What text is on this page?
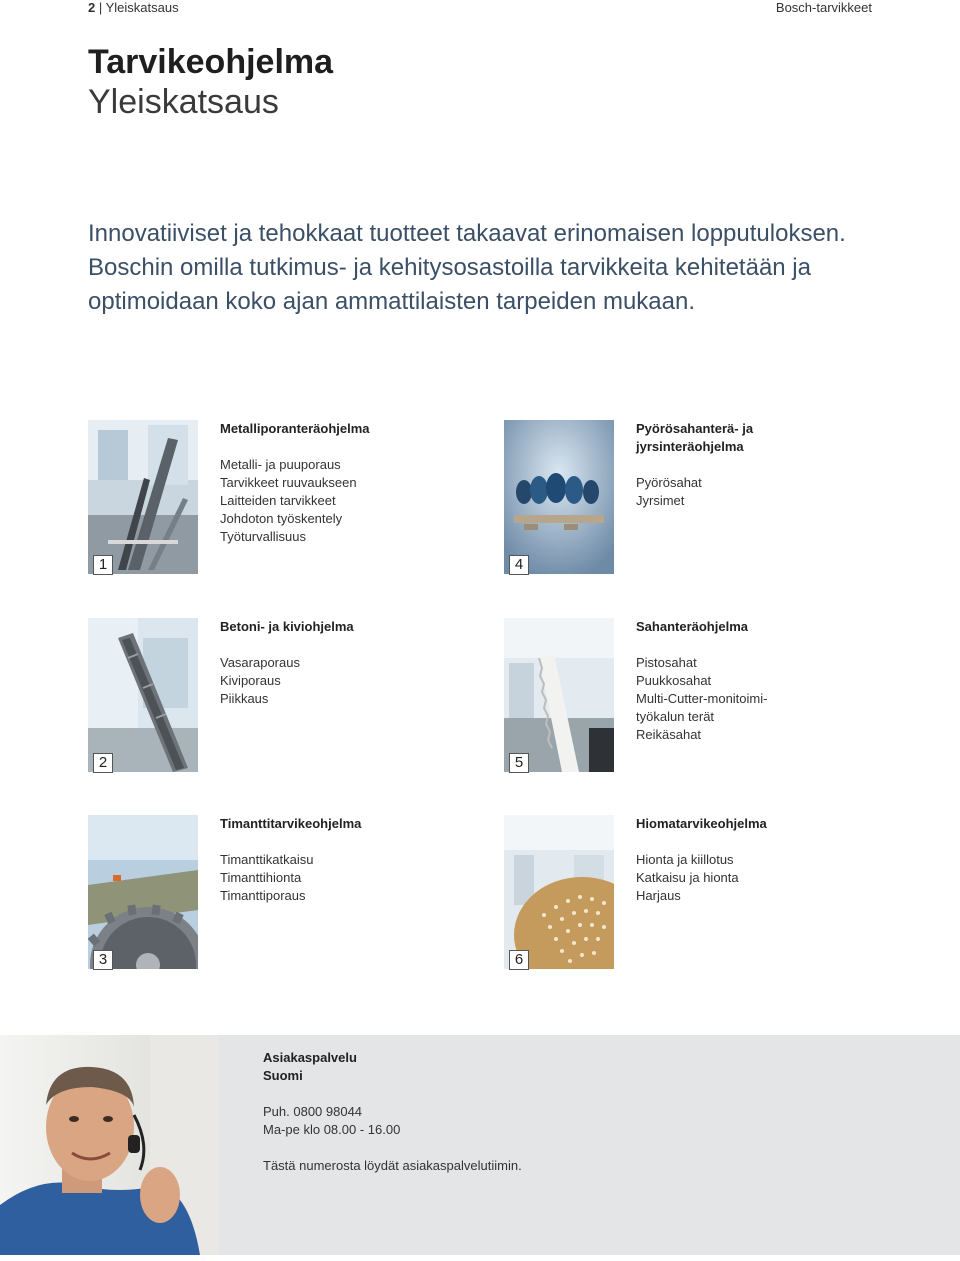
2 | Yleiskatsaus	Bosch-tarvikkeet
Tarvikeohjelma
Yleiskatsaus
Innovatiiviset ja tehokkaat tuotteet takaavat erinomaisen lopputuloksen.
Boschin omilla tutkimus- ja kehitysosastoilla tarvikkeita kehitetään ja
optimoidaan koko ajan ammattilaisten tarpeiden mukaan.
1
Metalliporanteräohjelma
Metalli- ja puuporaus
Tarvikkeet ruuvaukseen
Laitteiden tarvikkeet
Johdoton työskentely
Työturvallisuus
4
Pyörösahanterä- ja
jyrsinteräohjelma
Pyörösahat
Jyrsimet
2
Betoni- ja kiviohjelma
Vasaraporaus
Kiviporaus
Piikkaus
5
Sahanteräohjelma
Pistosahat
Puukkosahat
Multi-Cutter-monitoimi-
työkalun terät
Reikäsahat
3
Timanttitarvikeohjelma
Timanttikatkaisu
Timanttihionta
Timanttiporaus
6
Hiomatarvikeohjelma
Hionta ja kiillotus
Katkaisu ja hionta
Harjaus
Asiakaspalvelu
Suomi
Puh. 0800 98044
Ma-pe klo 08.00 - 16.00
Tästä numerosta löydät asiakaspalvelutiimin.
